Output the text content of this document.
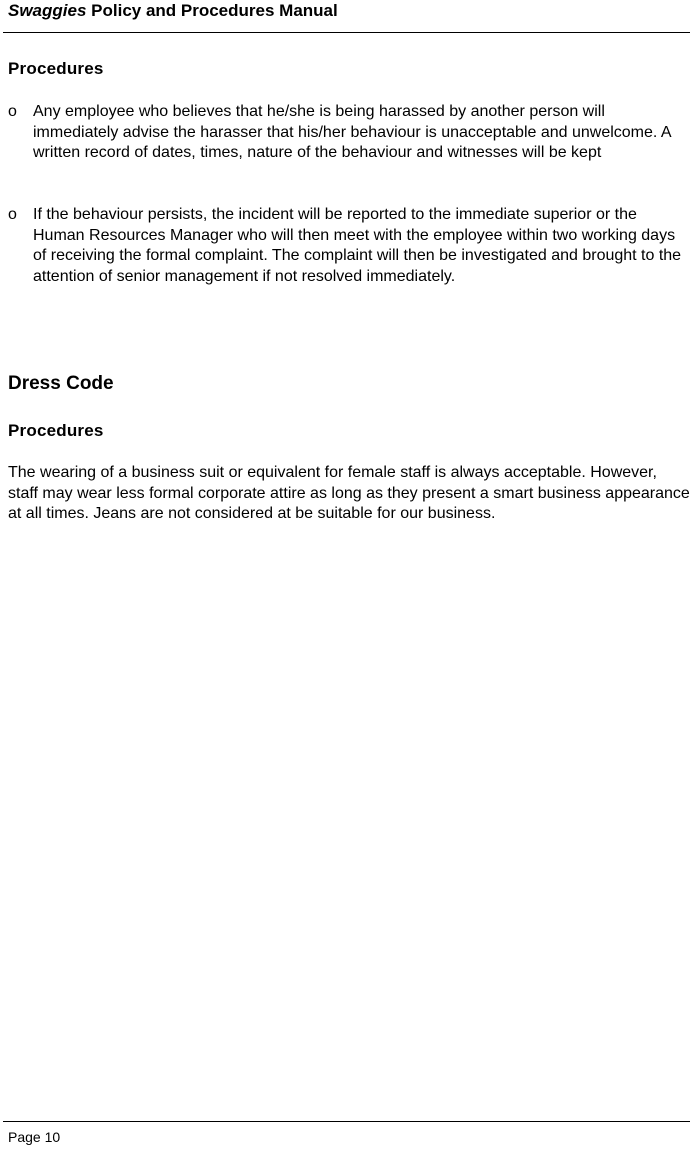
Swaggies Policy and Procedures Manual
Procedures
o	Any employee who believes that he/she is being harassed by another person will immediately advise the harasser that his/her behaviour is unacceptable and unwelcome. A written record of dates, times, nature of the behaviour and witnesses will be kept
o	If the behaviour persists, the incident will be reported to the immediate superior or the Human Resources Manager who will then meet with the employee within two working days of receiving the formal complaint. The complaint will then be investigated and brought to the attention of senior management if not resolved immediately.
Dress Code
Procedures
The wearing of a business suit or equivalent for female staff is always acceptable. However, staff may wear less formal corporate attire as long as they present a smart business appearance at all times. Jeans are not considered at be suitable for our business.
Page 10
